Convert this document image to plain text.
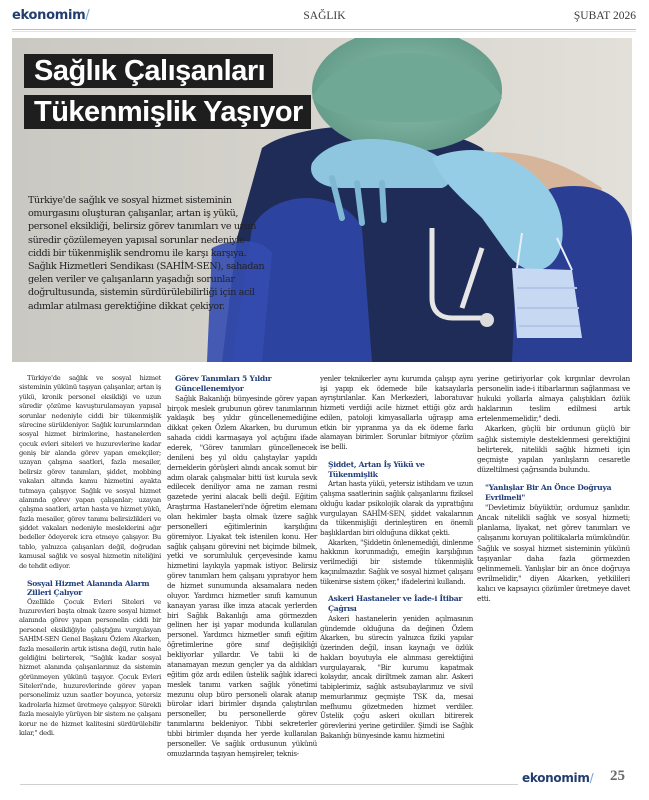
ekonomim/	SAĞLIK	ŞUBAT 2026
Sağlık Çalışanları
Tükenmişlik Yaşıyor
Türkiye'de sağlık ve sosyal hizmet sisteminin omurgasını oluşturan çalışanlar, artan iş yükü, personel eksikliği, belirsiz görev tanımları ve uzun süredir çözülemeyen yapısal sorunlar nedeniyle ciddi bir tükenmişlik sendromu ile karşı karşıya. Sağlık Hizmetleri Sendikası (SAHİM-SEN), sahadan gelen veriler ve çalışanların yaşadığı sorunlar doğrultusunda, sistemin sürdürülebilirliği için acil adımlar atılması gerektiğine dikkat çekiyor.

Türkiye'de sağlık ve sosyal hizmet sisteminin yükünü taşıyan çalışanlar, artan iş yükü, kronik personel eksikliği ve uzun süredir çözüme kavuşturulamayan yapısal sorunlar nedeniyle ciddi bir tükenmişlik sürecine sürükleniyor. Sağlık kurumlarından sosyal hizmet birimlerine, hastanelerden çocuk evleri siteleri ve huzurevlerine kadar geniş bir alanda görev yapan emekçiler; uzayan çalışma saatleri, fazla mesailer, belirsiz görev tanımları, şiddet, mobbing vakaları altında kamu hizmetini ayakta tutmaya çalışıyor. Sağlık ve sosyal hizmet alanında görev yapan çalışanlar; uzayan çalışma saatleri, artan hasta ve hizmet yükü, fazla mesailer, görev tanımı belirsizlikleri ve şiddet vakaları nedeniyle mesleklerini ağır bedeller ödeyerek icra etmeye çalışıyor. Bu tablo, yalnızca çalışanları değil, doğrudan kamusal sağlık ve sosyal hizmetin niteliğini de tehdit ediyor.

Sosyal Hizmet Alanında Alarm Zilleri Çalıyor

Özellikle Çocuk Evleri Siteleri ve huzurevleri başta olmak üzere sosyal hizmet alanında görev yapan personelin ciddi bir personel eksikliğiyle çalıştığını vurgulayan SAHİM-SEN Genel Başkanı Özlem Akarken, fazla mesailerin artık istisna değil, rutin hale geldiğini belirterek, "Sağlık kadar sosyal hizmet alanında çalışanlarımız da sistemin görünmeyen yükünü taşıyor. Çocuk Evleri Siteleri'nde, huzurevlerinde görev yapan personelimiz uzun saatler boyunca, yetersiz kadrolarla hizmet üretmeye çalışıyor. Sürekli fazla mesaiyle yürüyen bir sistem ne çalışanı korur ne de hizmet kalitesini sürdürülebilir kılar," dedi.

Görev Tanımları 5 Yıldır Güncellenemiyor

Sağlık Bakanlığı bünyesinde görev yapan birçok meslek grubunun görev tanımlarının yaklaşık beş yıldır güncellenemediğine dikkat çeken Özlem Akarken, bu durumun sahada ciddi karmaşaya yol açtığını ifade ederek, "Görev tanımları güncellenecek denileni beş yıl oldu çalıştaylar yapıldı derneklerin görüşleri alındı ancak somut bir adım olarak çalışmalar bitti üst kurula sevk edilecek deniliyor ama ne zaman resmi gazetede yerini alacak belli değil. Eğitim Araştırma Hastaneleri'nde öğretim elemanı olan hekimler başta olmak üzere sağlık personelleri eğitimlerinin karşılığını göremiyor. Liyakat tek istenilen konu. Her sağlık çalışanı görevini net biçimde bilmek, yetki ve sorumluluk çerçevesinde kamu hizmetini layıkıyla yapmak istiyor. Belirsiz görev tanımları hem çalışanı yıpratıyor hem de hizmet sunumunda aksamalara neden oluyor. Yardımcı hizmetler sınıfı kamunun kanayan yarası ilke imza atacak yerlerden biri Sağlık Bakanlığı ama görmezden gelinen her işi yapar modunda kullanılan personel. Yardımcı hizmetler sınıfı eğitim öğretimlerine göre sınıf değişikliği bekliyorlar yıllardır. Ve tabii ki de atanamayan mezun gençler ya da aldıkları eğitim göz ardı edilen üstelik sağlık idareci meslek tanımı varken sağlık yönetimi mezunu olup büro personeli olarak atanıp bürolar idari birimler dışında çalıştırılan personeller, bu personellerde görev tanımlarını bekleniyor. Tıbbi sekreterler tıbbi birimler dışında her yerde kullanılan personeller. Ve sağlık ordusunun yükünü omuzlarında taşıyan hemşireler, teknis-

yenler teknikerler aynı kurumda çalışıp aynı işi yapıp ek ödemede bile katsayılarla ayrıştırılanlar. Kan Merkezleri, laboratuvar hizmeti verdiği acile hizmet ettiği göz ardı edilen, patoloji kimyasallarla uğraşıp ama etkin bir yıpranma ya da ek ödeme farkı alamayan birimler. Sorunlar bitmiyor çözüm ise belli.

Şiddet, Artan İş Yükü ve Tükenmişlik

Artan hasta yükü, yetersiz istihdam ve uzun çalışma saatlerinin sağlık çalışanlarını fiziksel olduğu kadar psikolojik olarak da yıprattığını vurgulayan SAHİM-SEN, şiddet vakalarının da tükenmişliği derinleştiren en önemli başlıklardan biri olduğuna dikkat çekti.

Akarken, "Şiddetin önlenemediği, dinlenme hakkının korunmadığı, emeğin karşılığının verilmediği bir sistemde tükenmişlik kaçınılmazdır. Sağlık ve sosyal hizmet çalışanı tükenirse sistem çöker," ifadelerini kullandı.

Askeri Hastaneler ve İade-i İtibar Çağrısı

Askeri hastanelerin yeniden açılmasının gündemde olduğuna da değinen Özlem Akarken, bu sürecin yalnızca fiziki yapılar üzerinden değil, insan kaynağı ve özlük hakları boyutuyla ele alınması gerektiğini vurgulayarak, "Bir kurumu kapatmak kolaydır, ancak diriltmek zaman alır. Askeri tabiplerimiz, sağlık astsubaylarımız ve sivil memurlarımız geçmişte TSK da, mesai mefhumu gözetmeden hizmet verdiler. Üstelik çoğu askeri okulları bitirerek görevlerini yerine getirdiler. Şimdi ise Sağlık Bakanlığı bünyesinde kamu hizmetini

yerine getiriyorlar çok kırgınlar devrolan personelin iade-i itibarlarının sağlanması ve hukuki yollarla almaya çalıştıkları özlük haklarının teslim edilmesi artık ertelenmemelidir," dedi.

Akarken, güçlü bir ordunun güçlü bir sağlık sistemiyle desteklenmesi gerektiğini belirterek, nitelikli sağlık hizmeti için geçmişte yapılan yanlışların cesaretle düzeltilmesi çağrısında bulundu.

"Yanlışlar Bir An Önce Doğruya Evrilmeli"

"Devletimiz büyüktür, ordumuz şanlıdır. Ancak nitelikli sağlık ve sosyal hizmeti; planlama, liyakat, net görev tanımları ve çalışanını koruyan politikalarla mümkündür. Sağlık ve sosyal hizmet sisteminin yükünü taşıyanlar daha fazla görmezden gelinmemeli. Yanlışlar bir an önce doğruya evrilmelidir," diyen Akarken, yetkilileri kalıcı ve kapsayıcı çözümler üretmeye davet etti.

ekonomim/ 25
